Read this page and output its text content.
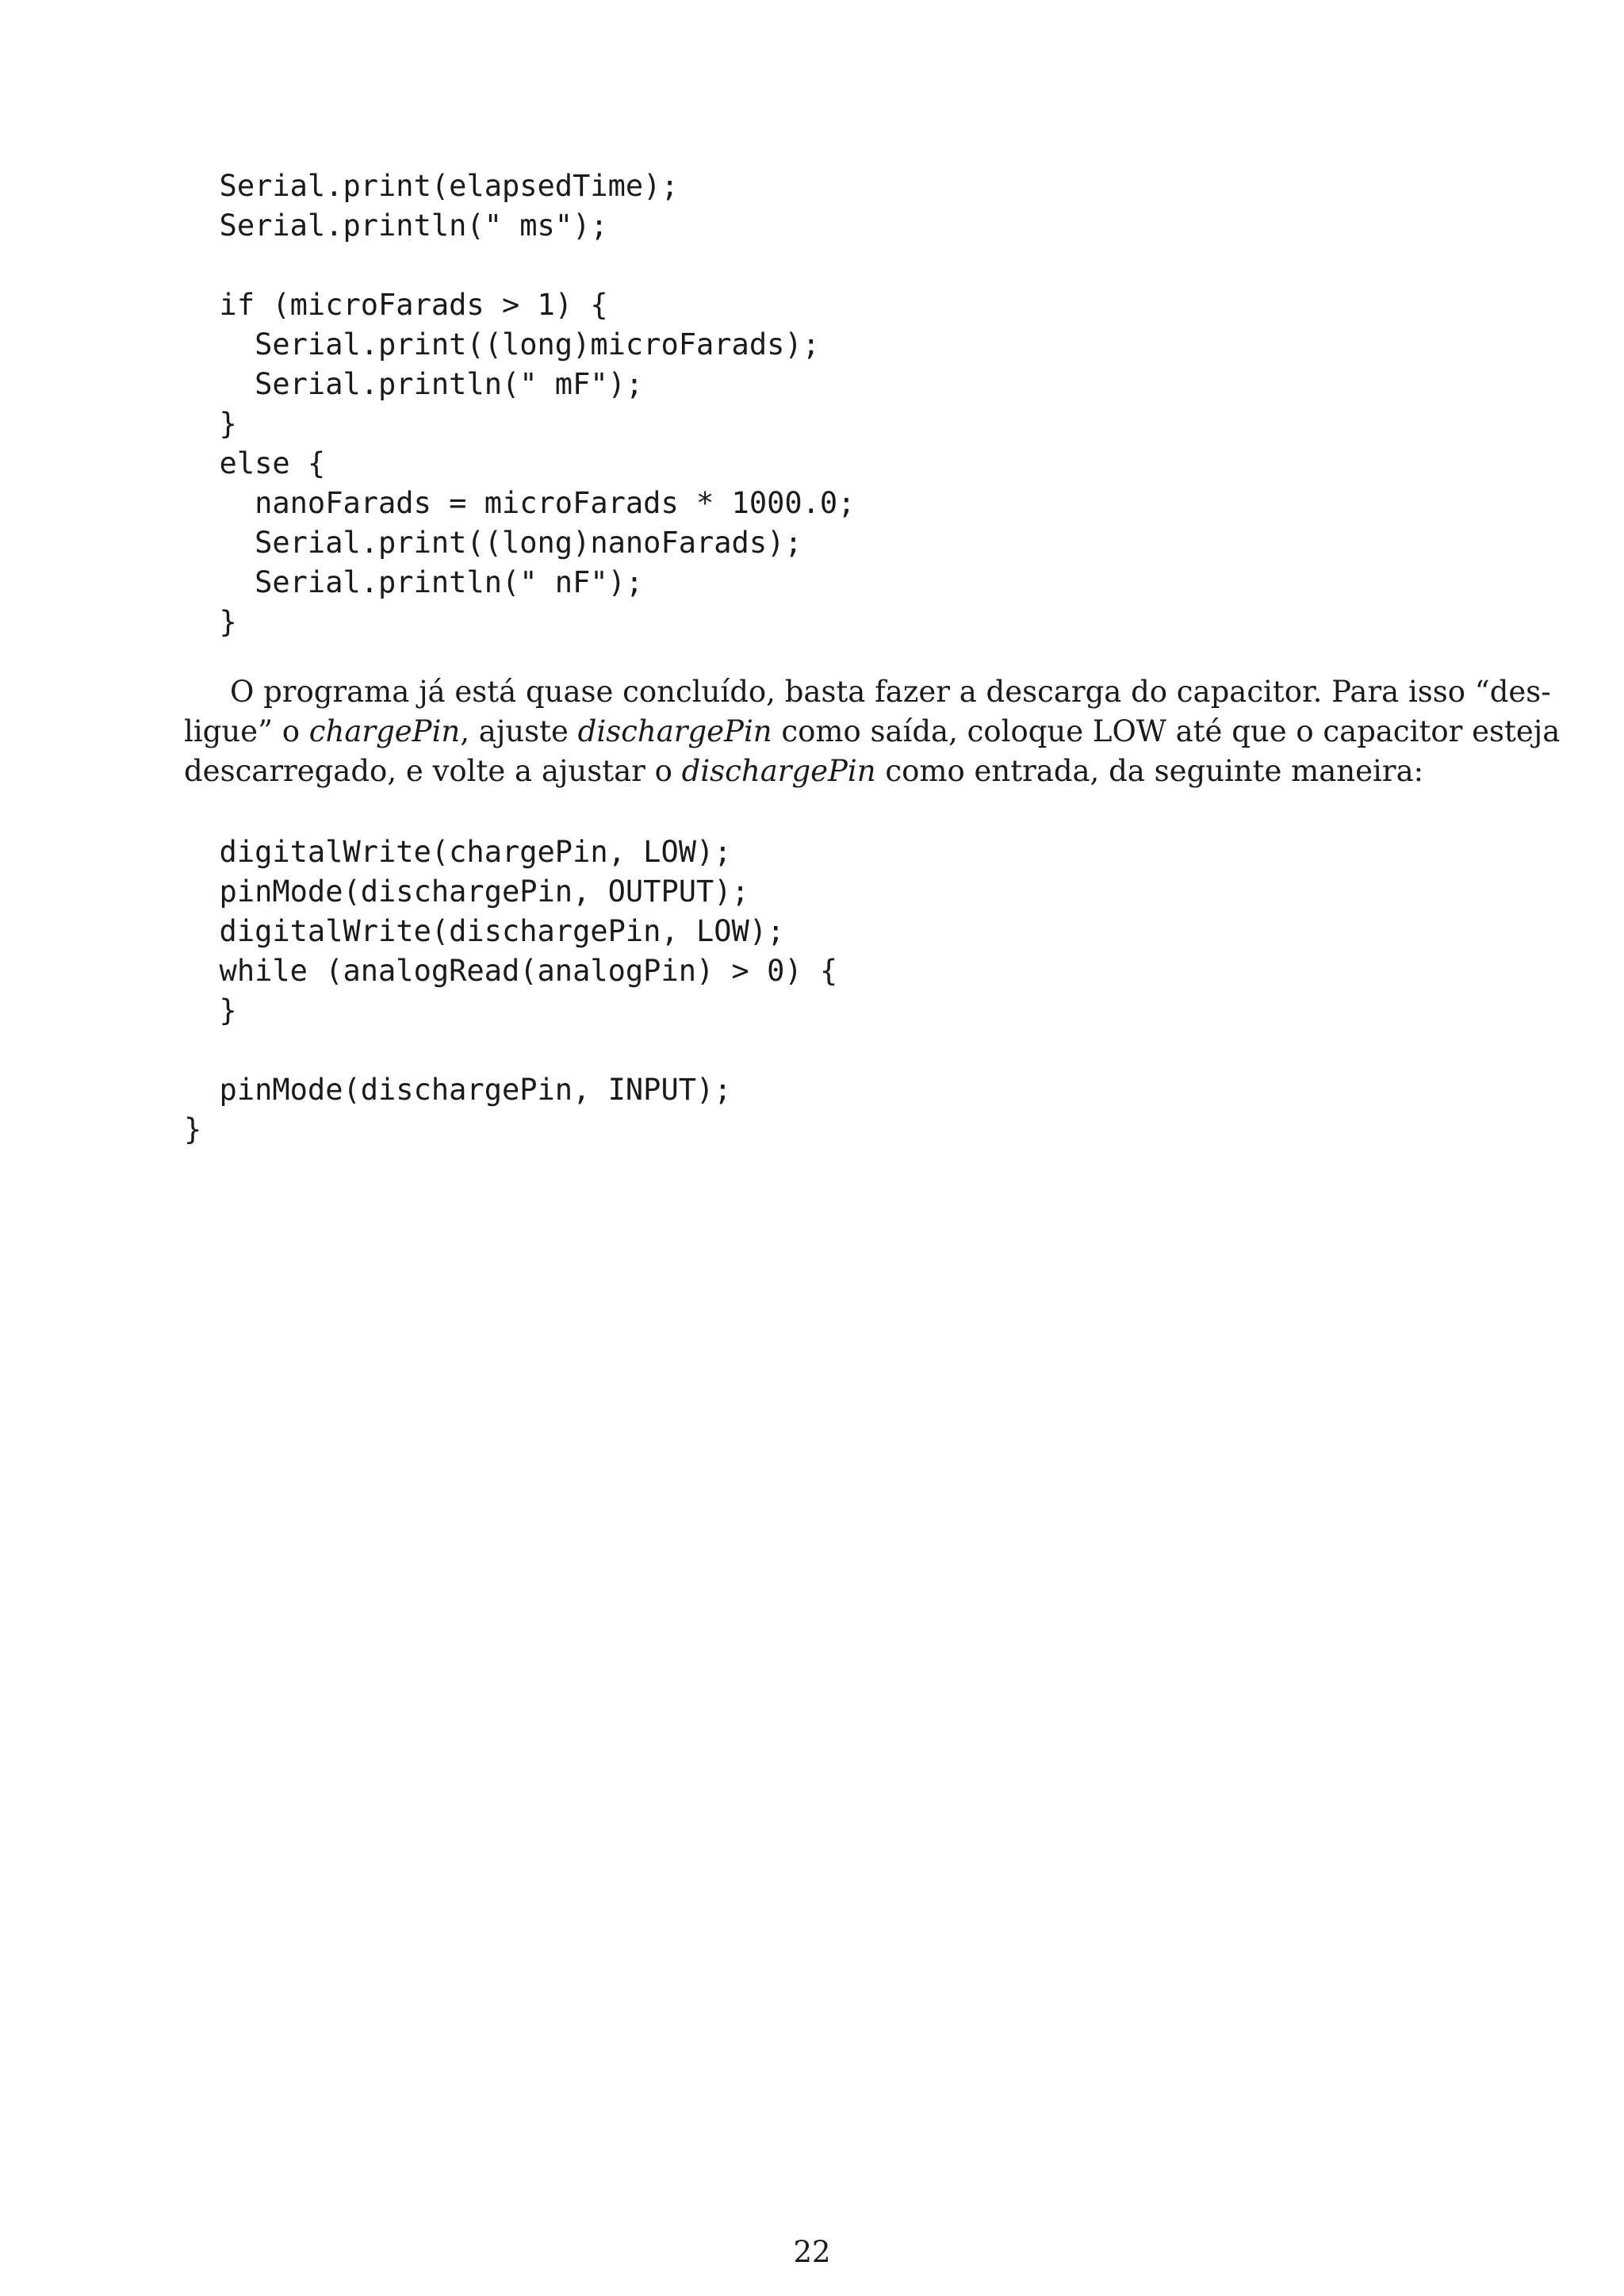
Serial.print(elapsedTime);
Serial.println(" ms");
if (microFarads > 1) {
Serial.print((long)microFarads);
Serial.println(" mF");
}
else {
nanoFarads = microFarads * 1000.0;
Serial.print((long)nanoFarads);
Serial.println(" nF");
}
O programa já está quase concluído, basta fazer a descarga do capacitor. Para isso “des-
ligue” o chargePin, ajuste dischargePin como saída, coloque LOW até que o capacitor esteja
descarregado, e volte a ajustar o dischargePin como entrada, da seguinte maneira:
digitalWrite(chargePin, LOW);
pinMode(dischargePin, OUTPUT);
digitalWrite(dischargePin, LOW);
while (analogRead(analogPin) > 0) {
}
pinMode(dischargePin, INPUT);
}
22
